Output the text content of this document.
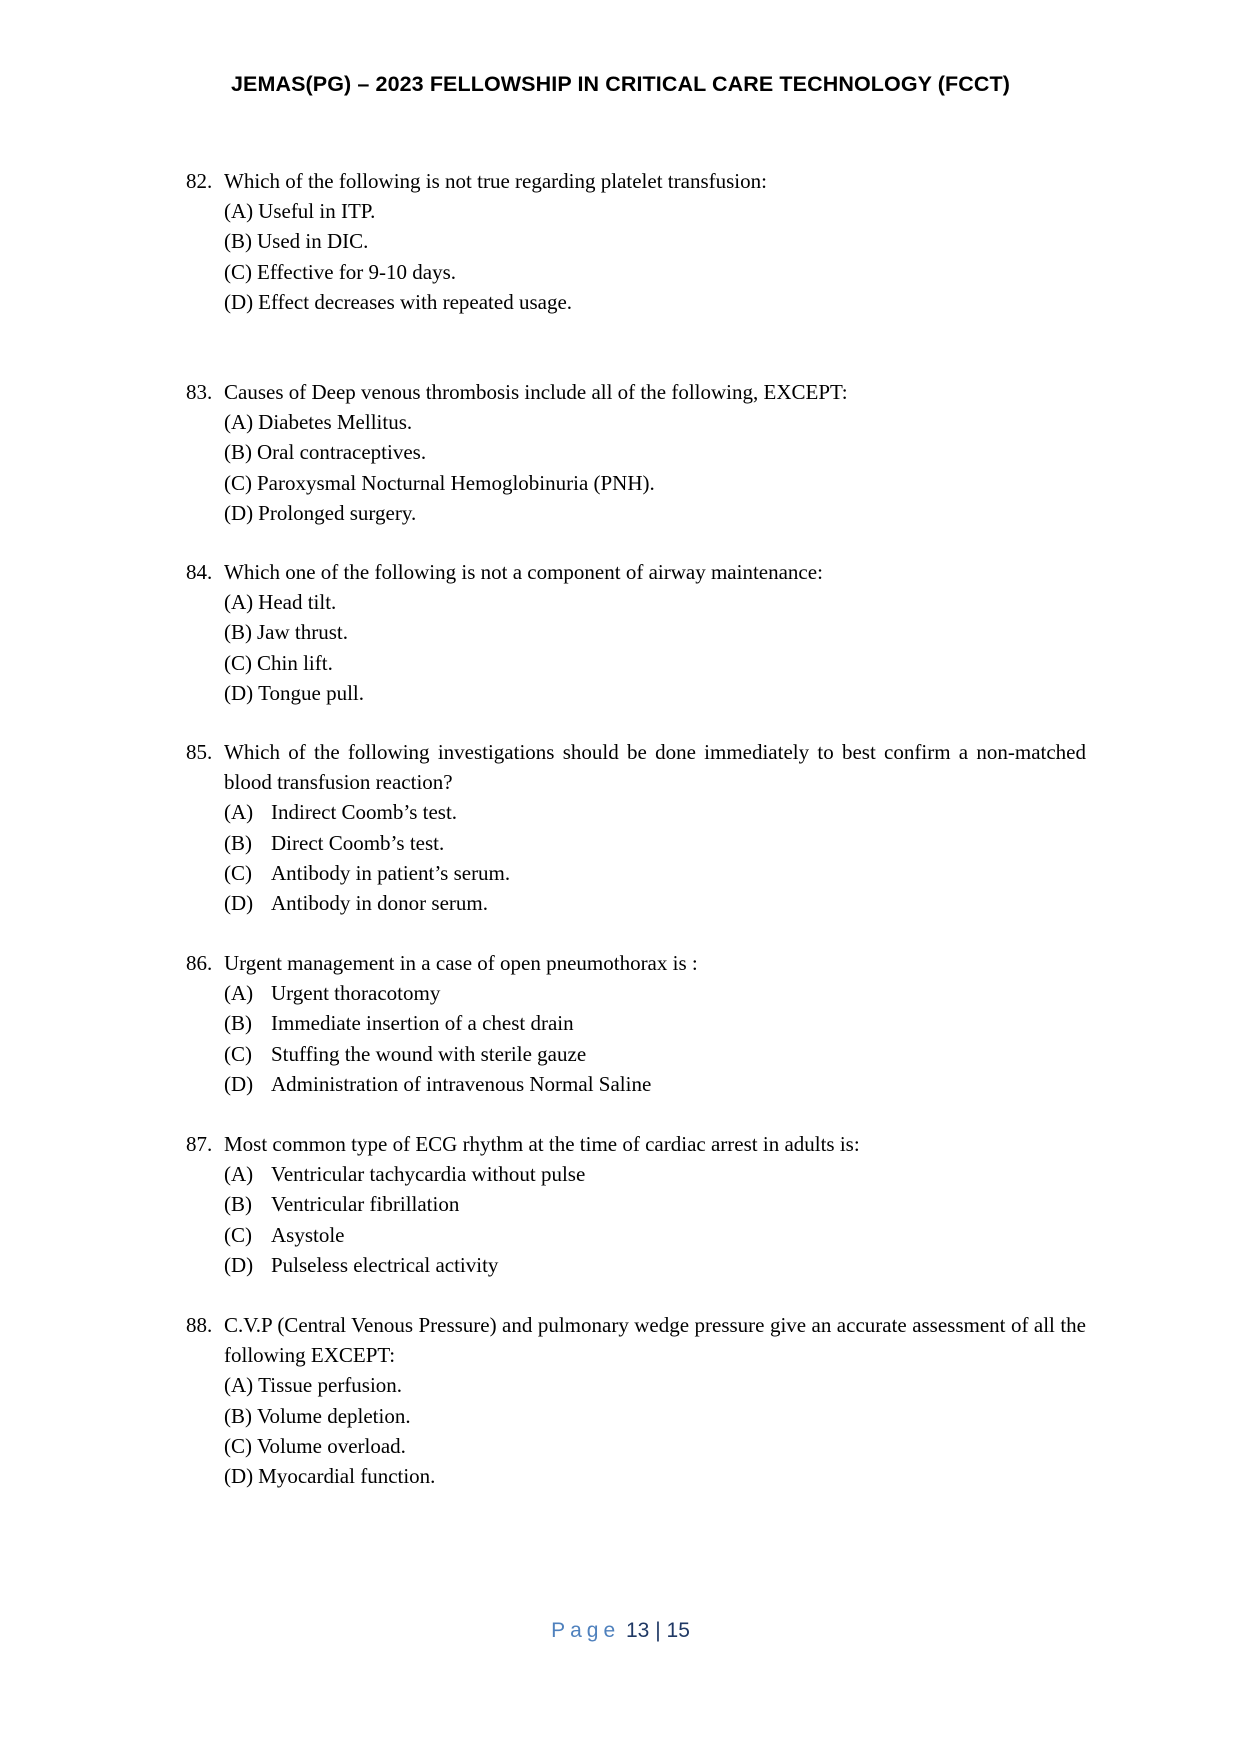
JEMAS(PG) – 2023 FELLOWSHIP IN CRITICAL CARE TECHNOLOGY (FCCT)
82. Which of the following is not true regarding platelet transfusion:
(A) Useful in ITP.
(B) Used in DIC.
(C) Effective for 9-10 days.
(D) Effect decreases with repeated usage.
83. Causes of Deep venous thrombosis include all of the following, EXCEPT:
(A) Diabetes Mellitus.
(B) Oral contraceptives.
(C) Paroxysmal Nocturnal Hemoglobinuria (PNH).
(D) Prolonged surgery.
84. Which one of the following is not a component of airway maintenance:
(A) Head tilt.
(B) Jaw thrust.
(C) Chin lift.
(D) Tongue pull.
85. Which of the following investigations should be done immediately to best confirm a non-matched blood transfusion reaction?
(A) Indirect Coomb’s test.
(B) Direct Coomb’s test.
(C) Antibody in patient’s serum.
(D) Antibody in donor serum.
86. Urgent management in a case of open pneumothorax is :
(A) Urgent thoracotomy
(B) Immediate insertion of a chest drain
(C) Stuffing the wound with sterile gauze
(D) Administration of intravenous Normal Saline
87. Most common type of ECG rhythm at the time of cardiac arrest in adults is:
(A) Ventricular tachycardia without pulse
(B) Ventricular fibrillation
(C) Asystole
(D) Pulseless electrical activity
88. C.V.P (Central Venous Pressure) and pulmonary wedge pressure give an accurate assessment of all the following EXCEPT:
(A) Tissue perfusion.
(B) Volume depletion.
(C) Volume overload.
(D) Myocardial function.
Page 13 | 15
